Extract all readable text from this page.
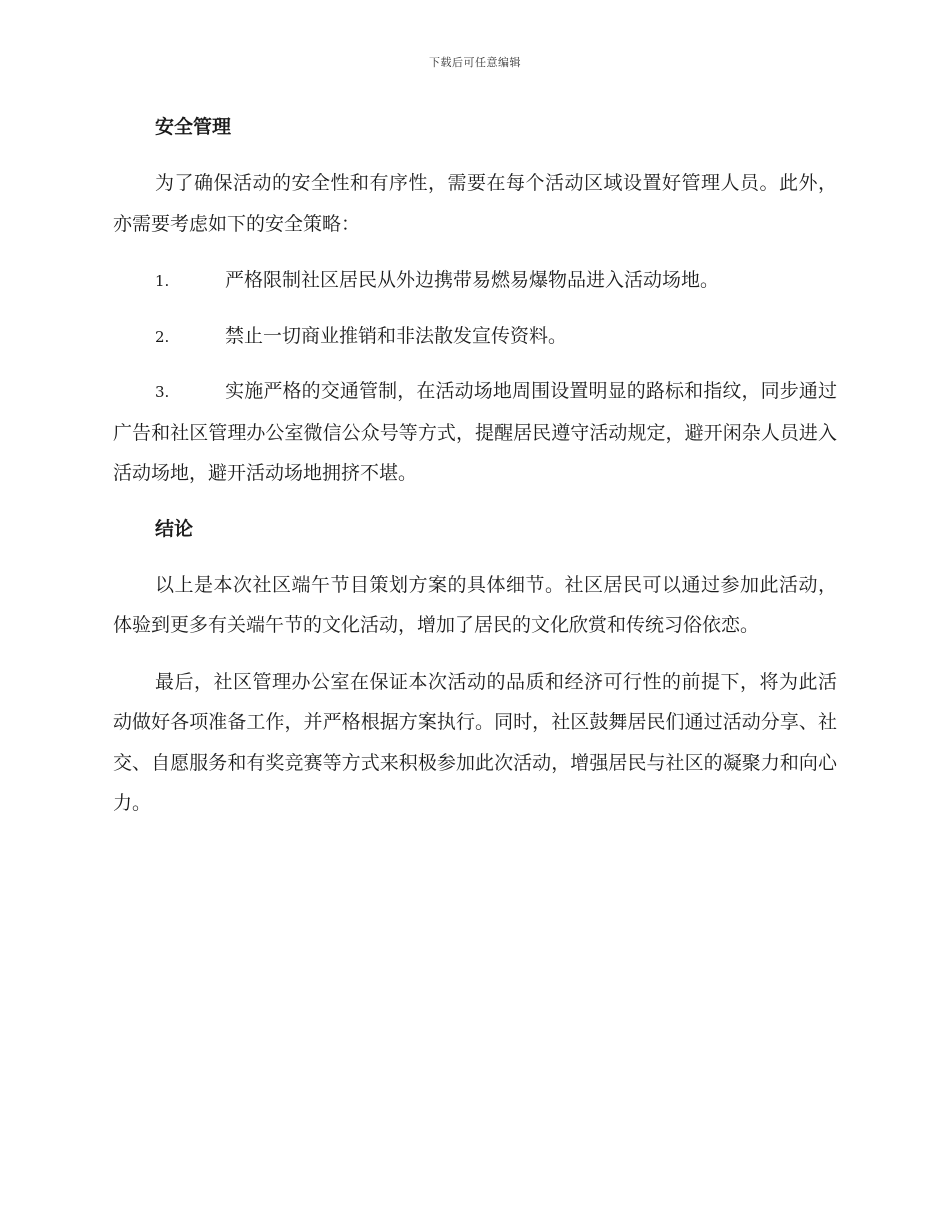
下载后可任意编辑
安全管理

为了确保活动的安全性和有序性，需要在每个活动区域设置好管理人员。此外，亦需要考虑如下的安全策略：

1.	严格限制社区居民从外边携带易燃易爆物品进入活动场地。

2.	禁止一切商业推销和非法散发宣传资料。

3.	实施严格的交通管制，在活动场地周围设置明显的路标和指纹，同步通过广告和社区管理办公室微信公众号等方式，提醒居民遵守活动规定，避开闲杂人员进入活动场地，避开活动场地拥挤不堪。

结论

以上是本次社区端午节目策划方案的具体细节。社区居民可以通过参加此活动，体验到更多有关端午节的文化活动，增加了居民的文化欣赏和传统习俗依恋。

最后，社区管理办公室在保证本次活动的品质和经济可行性的前提下，将为此活动做好各项准备工作，并严格根据方案执行。同时，社区鼓舞居民们通过活动分享、社交、自愿服务和有奖竞赛等方式来积极参加此次活动，增强居民与社区的凝聚力和向心力。
